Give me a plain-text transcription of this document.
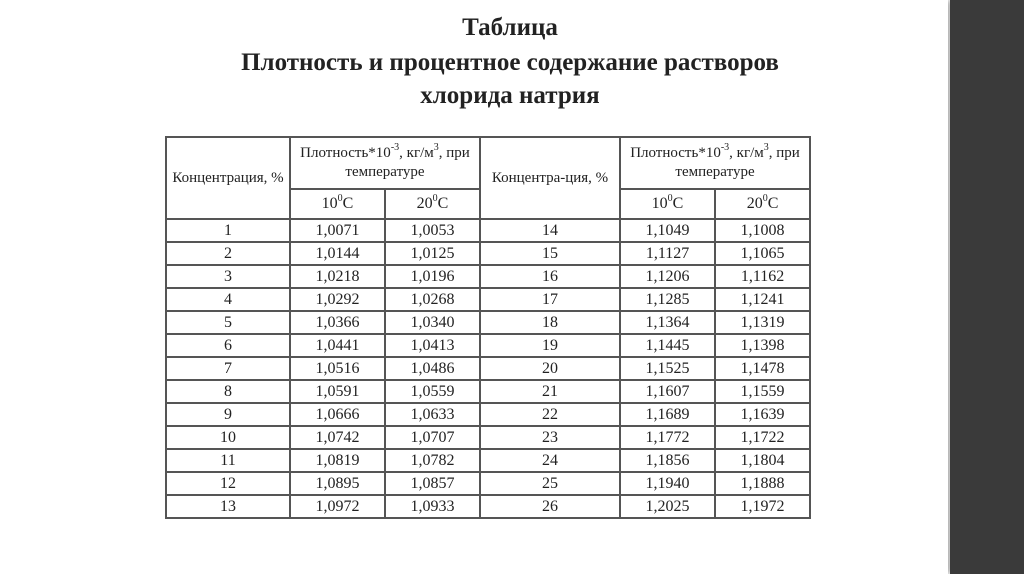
Таблица
Плотность и процентное содержание растворов
хлорида натрия
Концентрация, %	$Плотность*10^{-3}$, $кг/м^3$, при температуре		Концентра-ция, %	$Плотность*10^{-3}$, $кг/м^3$, при температуре	
	$10^0С$	$20^0С$		$10^0С$	$20^0С$
1	1,0071	1,0053	14	1,1049	1,1008
2	1,0144	1,0125	15	1,1127	1,1065
3	1,0218	1,0196	16	1,1206	1,1162
4	1,0292	1,0268	17	1,1285	1,1241
5	1,0366	1,0340	18	1,1364	1,1319
6	1,0441	1,0413	19	1,1445	1,1398
7	1,0516	1,0486	20	1,1525	1,1478
8	1,0591	1,0559	21	1,1607	1,1559
9	1,0666	1,0633	22	1,1689	1,1639
10	1,0742	1,0707	23	1,1772	1,1722
11	1,0819	1,0782	24	1,1856	1,1804
12	1,0895	1,0857	25	1,1940	1,1888
13	1,0972	1,0933	26	1,2025	1,1972
